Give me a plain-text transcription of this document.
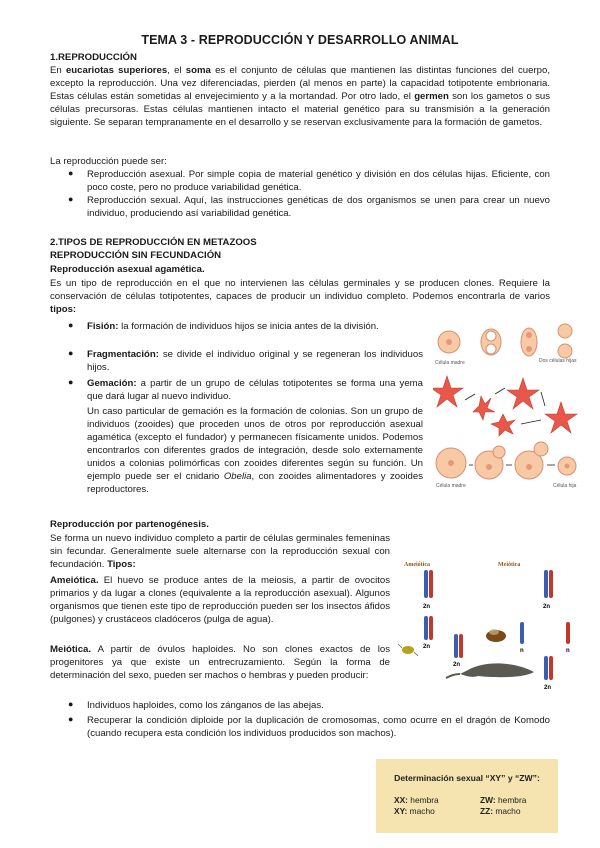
TEMA 3 - REPRODUCCIÓN Y DESARROLLO ANIMAL
1.REPRODUCCIÓN

En eucariotas superiores, el soma es el conjunto de células que mantienen las distintas funciones del cuerpo, excepto la reproducción. Una vez diferenciadas, pierden (al menos en parte) la capacidad totipotente embrionaria. Estas células están sometidas al envejecimiento y a la mortandad. Por otro lado, el germen son los gametos o sus células precursoras. Estas células mantienen intacto el material genético para su transmisión a la generación siguiente. Se separan tempranamente en el desarrollo y se reservan exclusivamente para la formación de gametos.

La reproducción puede ser:
● Reproducción asexual. Por simple copia de material genético y división en dos células hijas. Eficiente, con poco coste, pero no produce variabilidad genética.
● Reproducción sexual. Aquí, las instrucciones genéticas de dos organismos se unen para crear un nuevo individuo, produciendo así variabilidad genética.
2.TIPOS DE REPRODUCCIÓN EN METAZOOS
REPRODUCCIÓN SIN FECUNDACIÓN
Reproducción asexual agamética.

Es un tipo de reproducción en el que no intervienen las células germinales y se producen clones. Requiere la conservación de células totipotentes, capaces de producir un individuo completo. Podemos encontrarla de varios tipos:

● Fisión: la formación de individuos hijos se inicia antes de la división.

● Fragmentación: se divide el individuo original y se regeneran los individuos hijos.

● Gemación: a partir de un grupo de células totipotentes se forma una yema que dará lugar al nuevo individuo.

Un caso particular de gemación es la formación de colonias. Son un grupo de individuos (zooides) que proceden unos de otros por reproducción asexual agamética (excepto el fundador) y permanecen físicamente unidos. Podemos encontrarlos con diferentes grados de integración, desde solo externamente unidos a colonias polimórficas con zooides diferentes según su función. Un ejemplo puede ser el cnidario Obelia, con zooides alimentadores y zooides reproductores.

Célula madre	Dos células hijas
Célula madre	Célula hija
Reproducción por partenogénesis.

Se forma un nuevo individuo completo a partir de células germinales femeninas sin fecundar. Generalmente suele alternarse con la reproducción sexual con fecundación. Tipos:

Ameiótica. El huevo se produce antes de la meiosis, a partir de ovocitos primarios y da lugar a clones (equivalente a la reproducción asexual). Algunos organismos que tienen este tipo de reproducción pueden ser los insectos áfidos (pulgones) y crustáceos cladóceros (pulga de agua).

Meiótica. A partir de óvulos haploides. No son clones exactos de los progenitores ya que existe un entrecruzamiento. Según la forma de determinación del sexo, pueden ser machos o hembras y pueden producir:

● Individuos haploides, como los zánganos de las abejas.
● Recuperar la condición diploide por la duplicación de cromosomas, como ocurre en el dragón de Komodo (cuando recupera esta condición los individuos producidos son machos).
Ameiótica	Meiótica
2n
2n
2n
2n
n	n
2n
Determinación sexual “XY” y “ZW”:
XX: hembra
XY: macho
ZW: hembra
ZZ: macho
